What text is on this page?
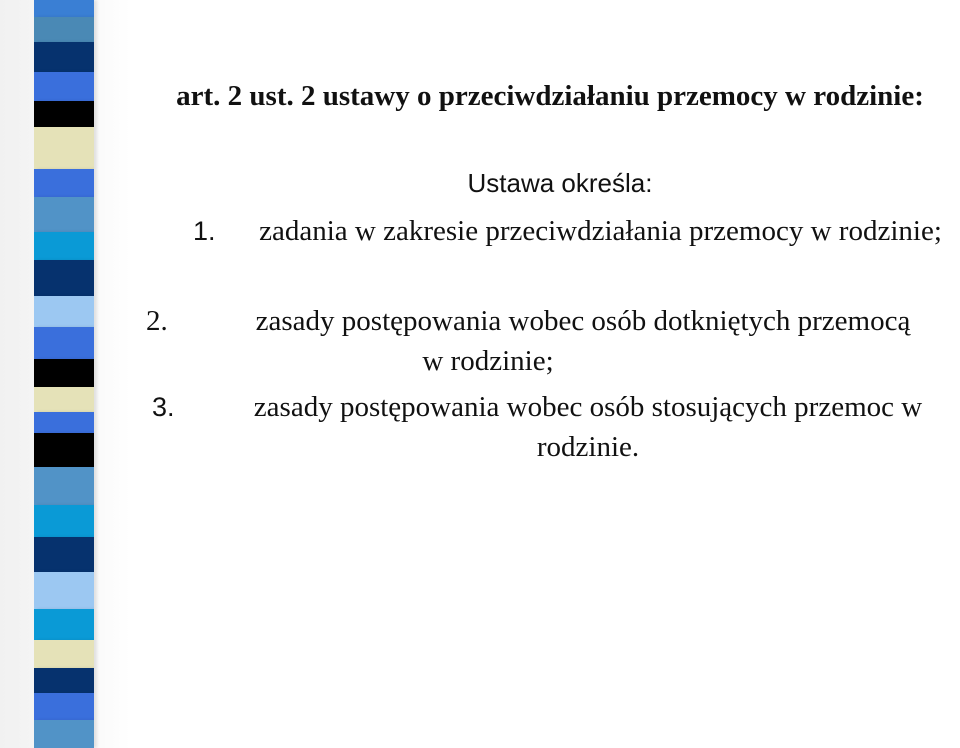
art. 2 ust. 2 ustawy o przeciwdziałaniu przemocy w rodzinie:
Ustawa określa:
1.	zadania w zakresie przeciwdziałania przemocy w rodzinie;
2.	zasady postępowania wobec osób dotkniętych przemocą
w rodzinie;
3.	zasady postępowania wobec osób stosujących przemoc w rodzinie.
